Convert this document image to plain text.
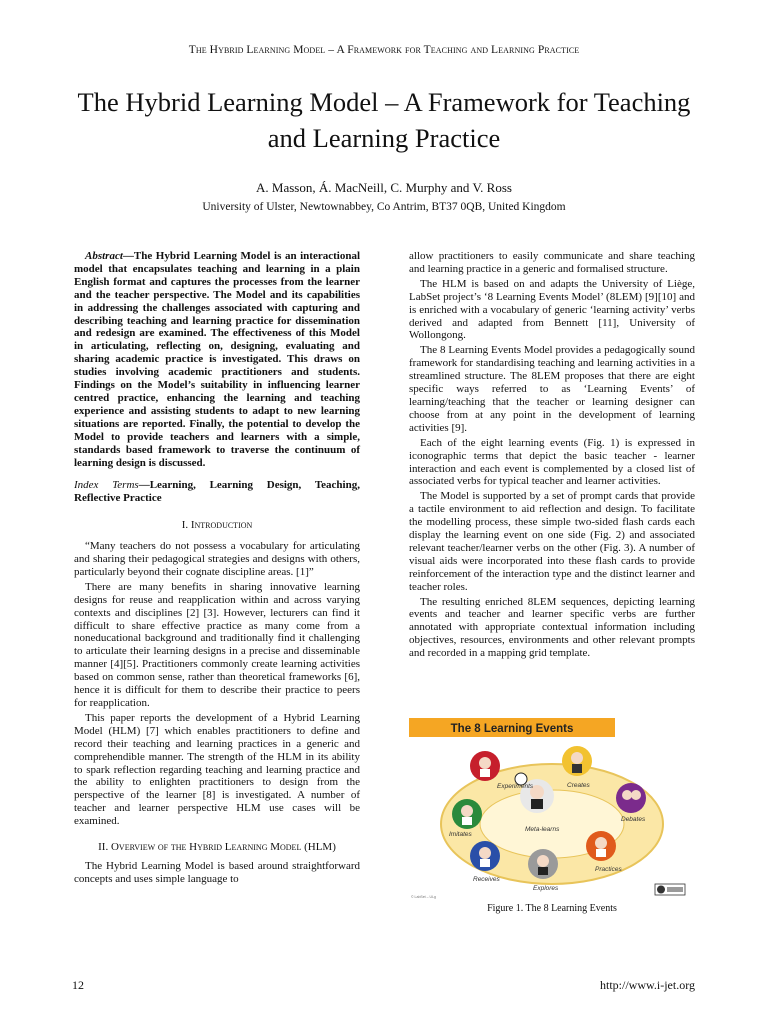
The Hybrid Learning Model – A Framework for Teaching and Learning Practice
The Hybrid Learning Model – A Framework for Teaching and Learning Practice
A. Masson, Á. MacNeill, C. Murphy and V. Ross
University of Ulster, Newtownabbey, Co Antrim, BT37 0QB, United Kingdom

Abstract—The Hybrid Learning Model is an interactional model that encapsulates teaching and learning in a plain English format and captures the processes from the learner and the teacher perspective. The Model and its capabilities in addressing the challenges associated with capturing and describing teaching and learning practice for dissemination and redesign are examined. The effectiveness of this Model in articulating, reflecting on, designing, evaluating and sharing academic practice is investigated. This draws on studies involving academic practitioners and students. Findings on the Model’s suitability in influencing learner centred practice, enhancing the learning and teaching experience and assisting students to adapt to new learning situations are reported. Finally, the potential to develop the Model to provide teachers and learners with a simple, standards based framework to traverse the continuum of learning design is discussed.

Index Terms—Learning, Learning Design, Teaching, Reflective Practice

I. Introduction

“Many teachers do not possess a vocabulary for articulating and sharing their pedagogical strategies and designs with others, particularly beyond their cognate discipline areas. [1]”

There are many benefits in sharing innovative learning designs for reuse and reapplication within and across varying contexts and disciplines [2] [3]. However, lecturers can find it difficult to share effective practice as many come from a noneducational background and traditionally find it challenging to articulate their learning designs in a precise and disseminable manner [4][5]. Practitioners commonly create learning activities based on common sense, rather than theoretical frameworks [6], hence it is difficult for them to describe their practice to peers for reapplication.

This paper reports the development of a Hybrid Learning Model (HLM) [7] which enables practitioners to define and record their teaching and learning practices in a generic and comprehendible manner. The strength of the HLM in its ability to spark reflection regarding teaching and learning practice and the ability to enlighten practitioners to design from the perspective of the learner [8] is investigated. A number of teacher and learner perspective HLM use cases will be examined.

II. Overview of the Hybrid Learning Model (HLM)

The Hybrid Learning Model is based around straightforward concepts and uses simple language to

allow practitioners to easily communicate and share teaching and learning practice in a generic and formalised structure.

The HLM is based on and adapts the University of Liège, LabSet project’s ‘8 Learning Events Model’ (8LEM) [9][10] and is enriched with a vocabulary of generic ‘learning activity’ verbs derived and adapted from Bennett [11], University of Wollongong.

The 8 Learning Events Model provides a pedagogically sound framework for standardising teaching and learning activities in a streamlined structure. The 8LEM proposes that there are eight specific ways referred to as ‘Learning Events’ of learning/teaching that the teacher or learning designer can choose from at any point in the development of learning activities [9].

Each of the eight learning events (Fig. 1) is expressed in iconographic terms that depict the basic teacher - learner interaction and each event is complemented by a closed list of associated verbs for typical teacher and learner activities.

The Model is supported by a set of prompt cards that provide a tactile environment to aid reflection and design. To facilitate the modelling process, these simple two-sided flash cards each display the learning event on one side (Fig. 2) and associated relevant teacher/learner verbs on the other (Fig. 3). A number of visual aids were incorporated into these flash cards to provide reinforcement of the interaction type and the distinct learner and teacher roles.

The resulting enriched 8LEM sequences, depicting learning events and teacher and learner specific verbs are further annotated with appropriate contextual information including objectives, resources, environments and other relevant prompts and recorded in a mapping grid template.

The 8 Learning Events
Experiments	Creates
Debates
Meta-learns
Explores
Receives
Practices
Imitates
© LabSet – ULg
Figure 1. The 8 Learning Events
12	http://www.i-jet.org
